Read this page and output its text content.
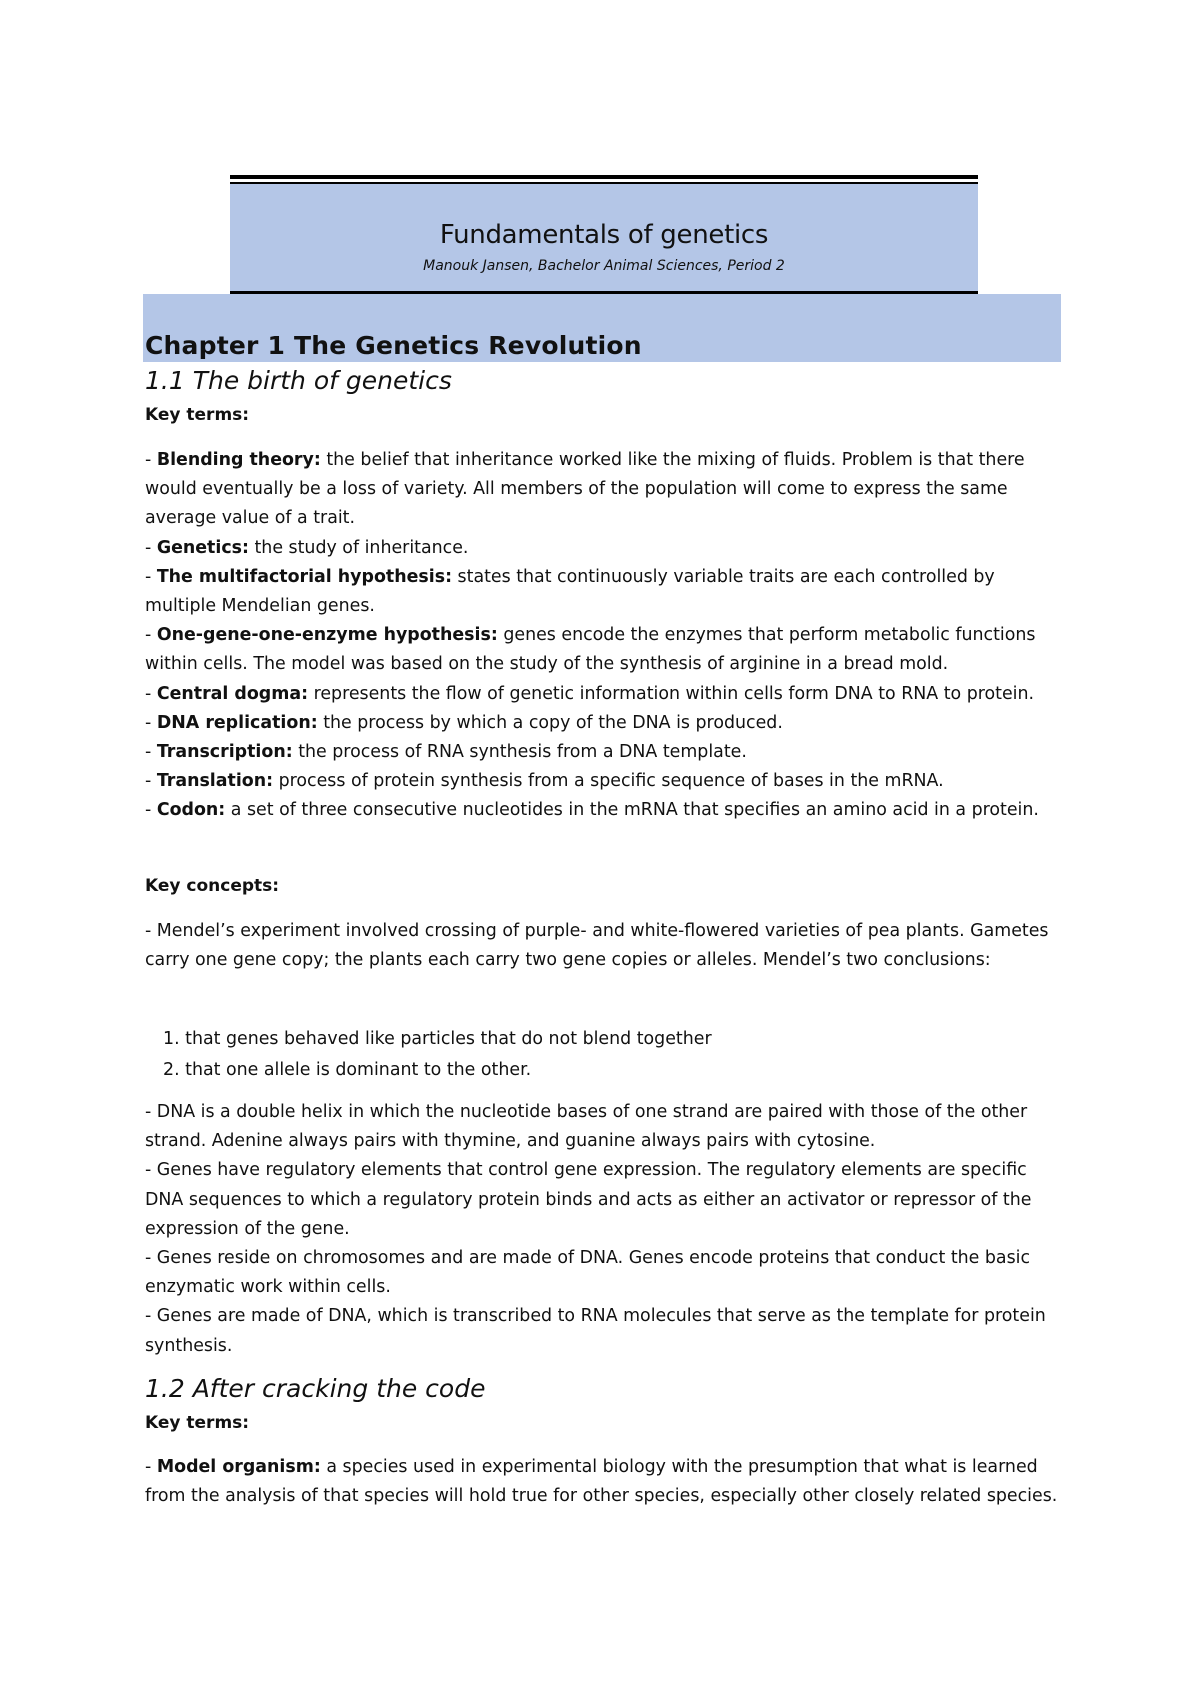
Fundamentals of genetics
Manouk Jansen, Bachelor Animal Sciences, Period 2
Chapter 1 The Genetics Revolution
1.1 The birth of genetics
Key terms:

- Blending theory: the belief that inheritance worked like the mixing of fluids. Problem is that there would eventually be a loss of variety. All members of the population will come to express the same average value of a trait.

- Genetics: the study of inheritance.

- The multifactorial hypothesis: states that continuously variable traits are each controlled by multiple Mendelian genes.

- One-gene-one-enzyme hypothesis: genes encode the enzymes that perform metabolic functions within cells. The model was based on the study of the synthesis of arginine in a bread mold.

- Central dogma: represents the flow of genetic information within cells form DNA to RNA to protein.

- DNA replication: the process by which a copy of the DNA is produced.

- Transcription: the process of RNA synthesis from a DNA template.

- Translation: process of protein synthesis from a specific sequence of bases in the mRNA.

- Codon: a set of three consecutive nucleotides in the mRNA that specifies an amino acid in a protein.

Key concepts:

- Mendel’s experiment involved crossing of purple- and white-flowered varieties of pea plants. Gametes carry one gene copy; the plants each carry two gene copies or alleles. Mendel’s two conclusions:

1. that genes behaved like particles that do not blend together
2. that one allele is dominant to the other.

- DNA is a double helix in which the nucleotide bases of one strand are paired with those of the other strand. Adenine always pairs with thymine, and guanine always pairs with cytosine.

- Genes have regulatory elements that control gene expression. The regulatory elements are specific DNA sequences to which a regulatory protein binds and acts as either an activator or repressor of the expression of the gene.

- Genes reside on chromosomes and are made of DNA. Genes encode proteins that conduct the basic enzymatic work within cells.

- Genes are made of DNA, which is transcribed to RNA molecules that serve as the template for protein synthesis.

1.2 After cracking the code
Key terms:

- Model organism: a species used in experimental biology with the presumption that what is learned from the analysis of that species will hold true for other species, especially other closely related species.
